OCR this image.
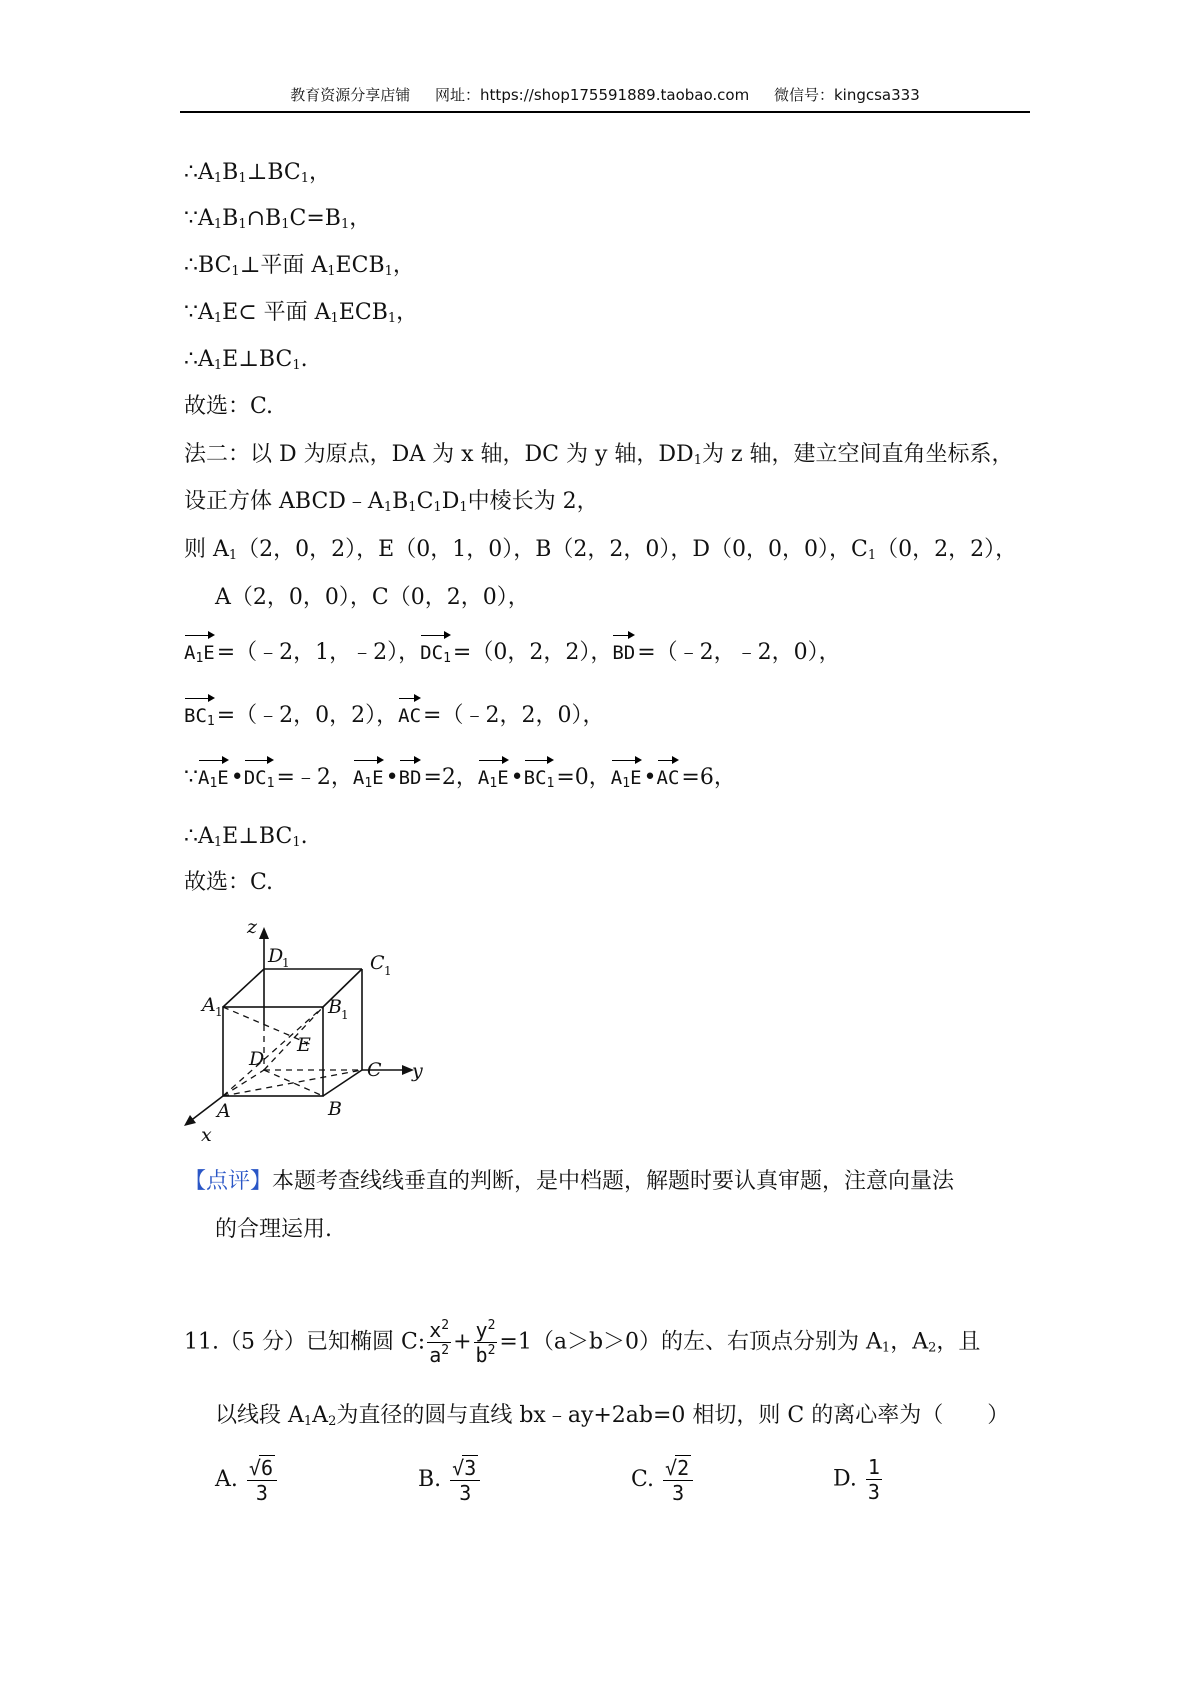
教育资源分享店铺 网址：https://shop175591889.taobao.com 微信号：kingcsa333
$\therefore A_1B_1\perp BC_1$，
$\because A_1B_1\cap B_1C=B_1$，
$\therefore BC_1\perp$平面 $A_1ECB_1$，
$\because A_1E\subset$ 平面 $A_1ECB_1$，
$\therefore A_1E\perp BC_1$.
故选：C.
法二：以 D 为原点，DA 为 x 轴，DC 为 y 轴，$DD_1$为 z 轴，建立空间直角坐标系，
设正方体 $ABCD﹣A_1B_1C_1D_1$中棱长为 2，
则 $A_1(2$，0，2），E（0，1，0），B（2，2，0），D（0，0，0），$C_1(0$，2，2），
A（2，0，0），C（0，2，0），
$A_1E=(﹣2$，1，﹣2），$DC_1=(0$，2，2），BD=（﹣2，﹣2，0），
$BC_1=(﹣2$，0，2），AC=（﹣2，2，0），
$\because A_1E•DC_1=﹣2$，$A_1E•BD=2$，$A_1E•BC_1=0$，$A_1E•AC=6$，
$\therefore A_1E\perp BC_1$.
故选：C.
z
y
x
D
1	C 1
A 1	B 1
D
E
C
A	B
【点评】本题考查线线垂直的判断，是中档题，解题时要认真审题，注意向量法
的合理运用.
11.（5 分）已知椭圆 C: $\frac{x^2}{a^2} + \frac{y^2}{b^2} =1(a>b>0)$的左、右顶点分别为 $A_1$，$A_2$，且
以线段 $A_1A_2$为直径的圆与直线 bx﹣ay+2ab=0 相切，则 C 的离心率为（　　）
A. $\frac{√6}{3}$	B. $\frac{√3}{3}$	C. $\frac{√2}{3}$	D. $\frac{1}{3}$
